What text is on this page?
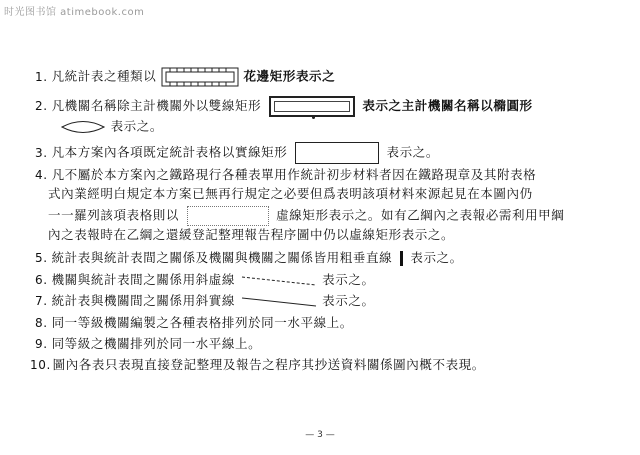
时光图书馆 atimebook.com
1. 凡統計表之種類以	花邊矩形表示之
2. 凡機關名稱除主計機關外以雙線矩形	表示之主計機關名稱以橢圓形
表示之。
3. 凡本方案內各項既定統計表格以實線矩形	表示之。
4. 凡不屬於本方案內之鐵路現行各種表單用作統計初步材料者因在鐵路現章及其附表格
式內業經明白規定本方案已無再行規定之必要但爲表明該項材料來源起見在本圖內仍
一一羅列該項表格則以	虛線矩形表示之。如有乙綱內之表報必需利用甲綱
內之表報時在乙綱之還緩登記整理報告程序圖中仍以虛線矩形表示之。
5. 統計表與統計表間之關係及機關與機關之關係皆用粗垂直線 表示之。
6. 機關與統計表間之關係用斜虛線	表示之。
7. 統計表與機關間之關係用斜實線	表示之。
8. 同一等級機關編製之各種表格排列於同一水平線上。
9. 同等級之機關排列於同一水平線上。
10. 圖內各表只表現直接登記整理及報告之程序其抄送資料關係圖內概不表現。
— 3 —
